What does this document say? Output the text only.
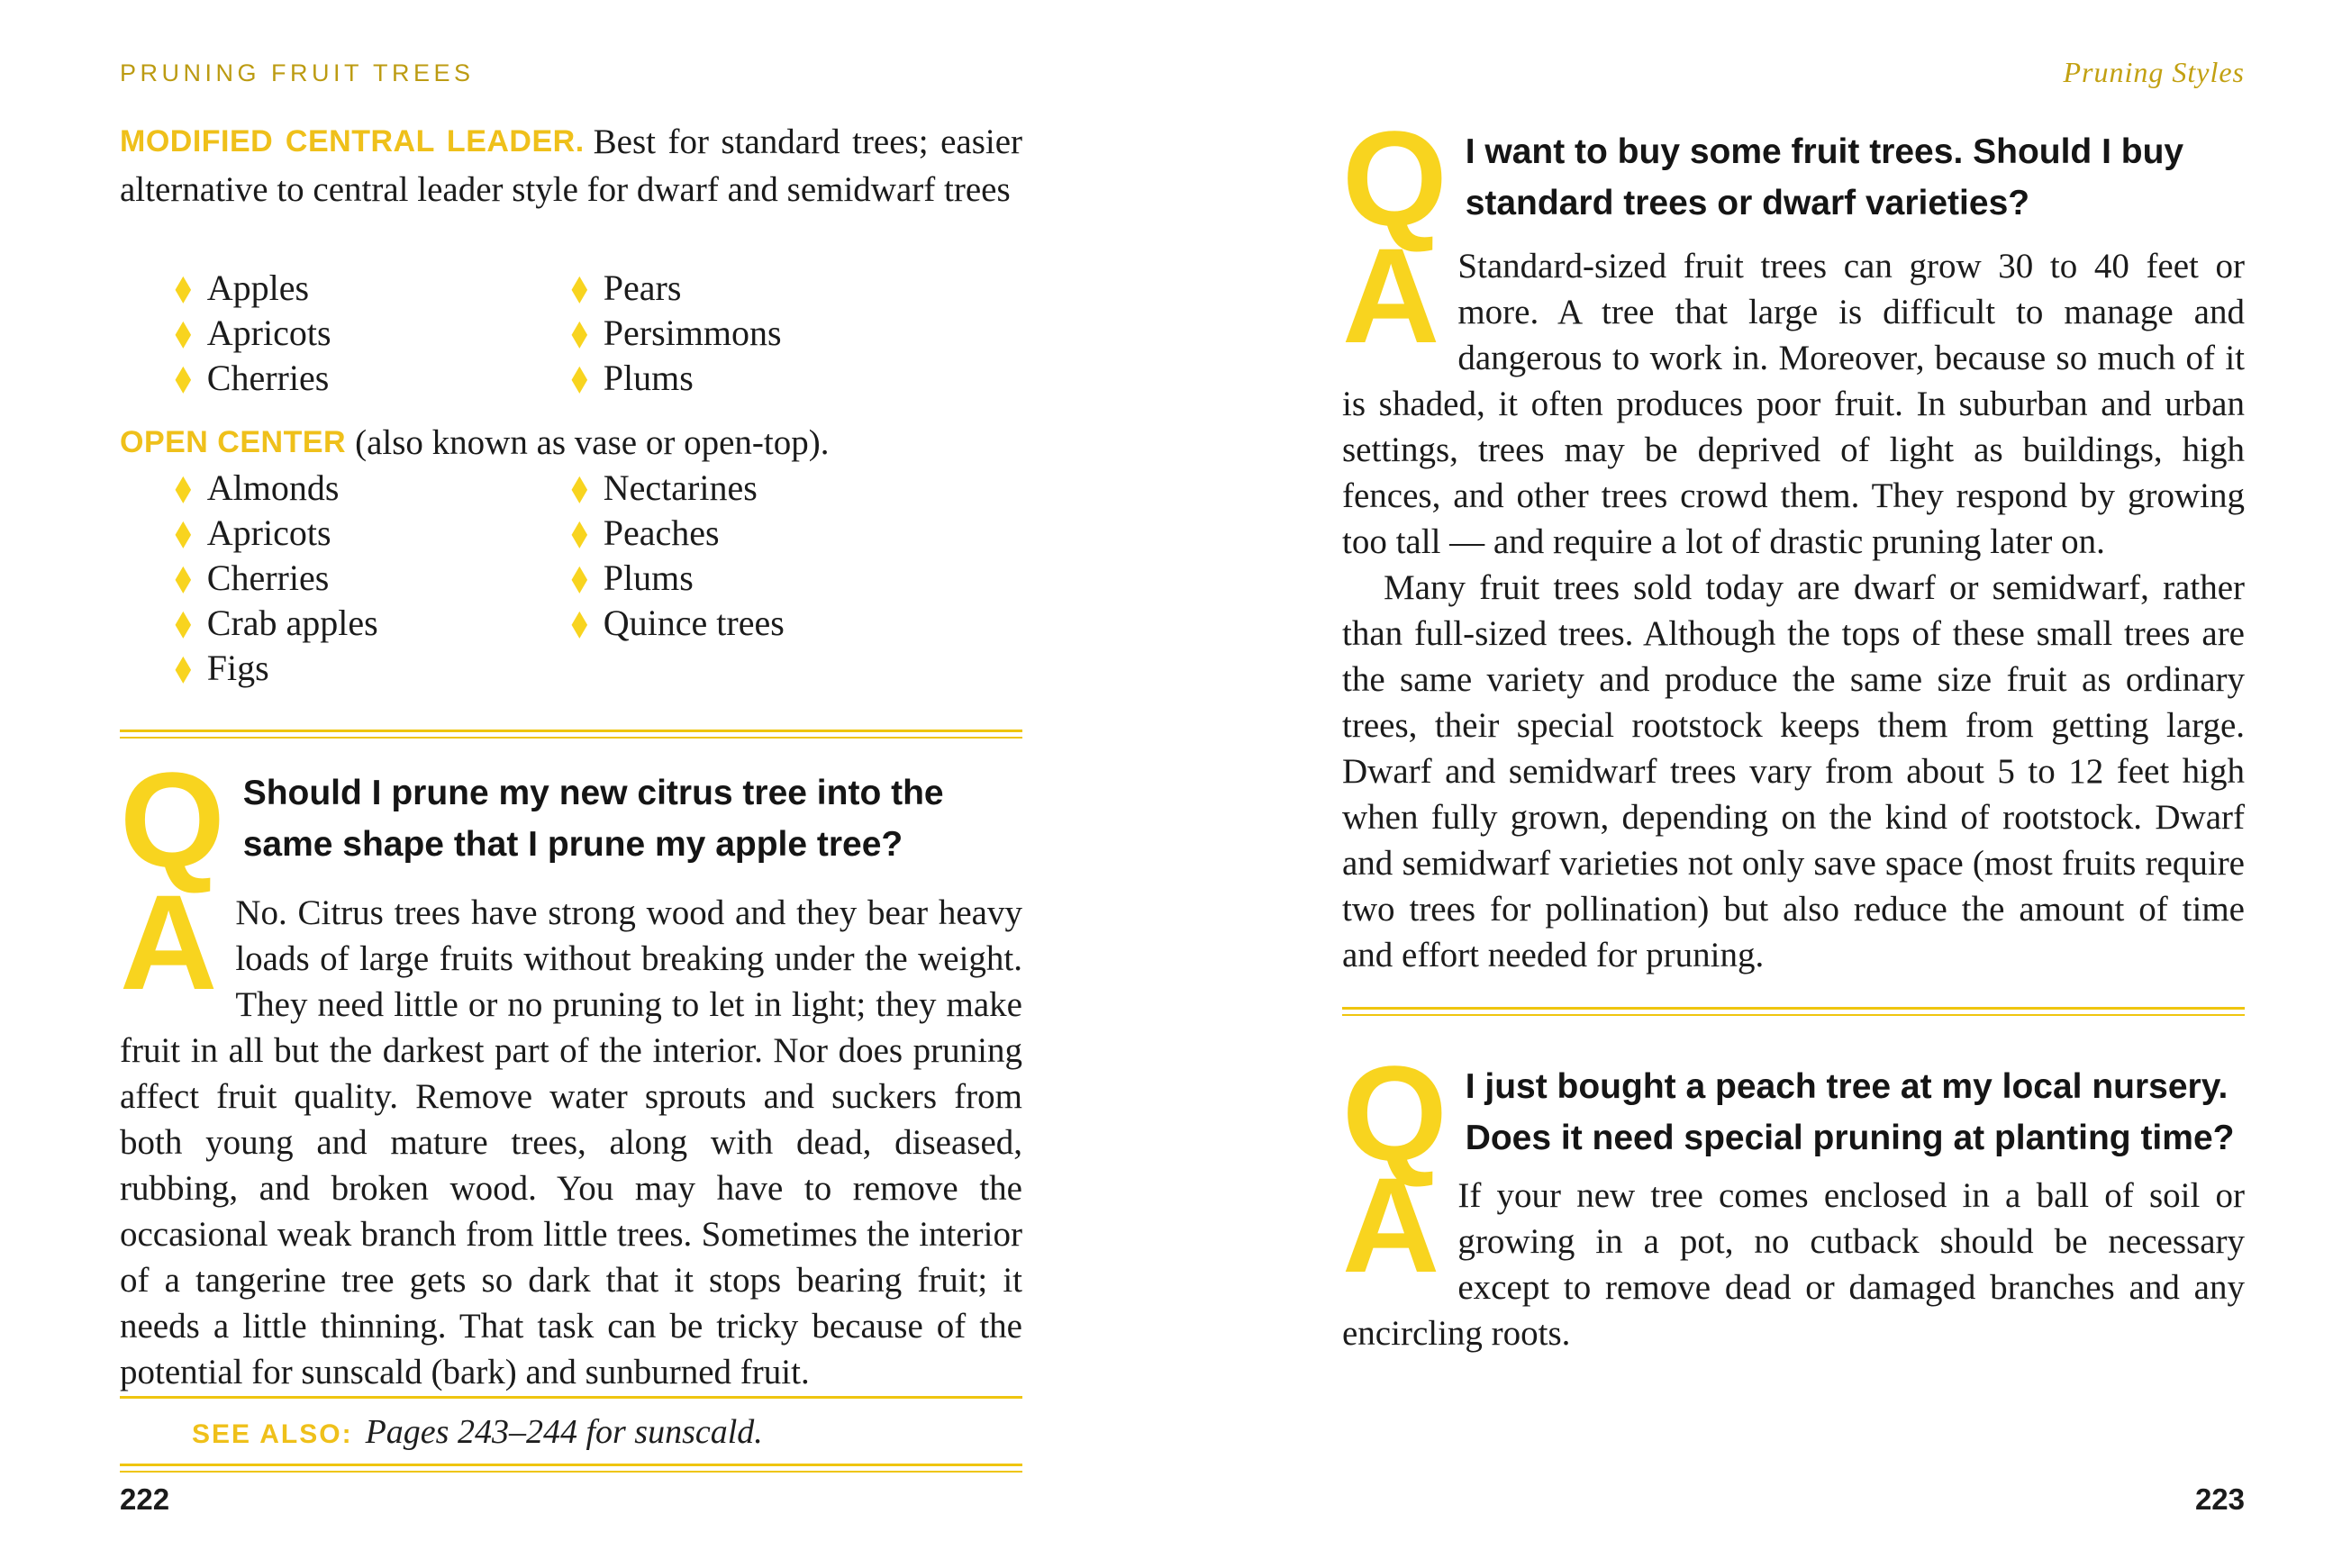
PRUNING FRUIT TREES

MODIFIED CENTRAL LEADER. Best for standard trees; easier alternative to central leader style for dwarf and semidwarf trees

◆ Apples
◆ Apricots
◆ Cherries
◆ Pears
◆ Persimmons
◆ Plums

OPEN CENTER (also known as vase or open-top).

◆ Almonds
◆ Apricots
◆ Cherries
◆ Crab apples
◆ Figs
◆ Nectarines
◆ Peaches
◆ Plums
◆ Quince trees
Q Should I prune my new citrus tree into the same shape that I prune my apple tree?

A No. Citrus trees have strong wood and they bear heavy loads of large fruits without breaking under the weight. They need little or no pruning to let in light; they make fruit in all but the darkest part of the interior. Nor does pruning affect fruit quality. Remove water sprouts and suckers from both young and mature trees, along with dead, diseased, rubbing, and broken wood. You may have to remove the occasional weak branch from little trees. Sometimes the interior of a tangerine tree gets so dark that it stops bearing fruit; it needs a little thinning. That task can be tricky because of the potential for sunscald (bark) and sunburned fruit.

SEE ALSO: Pages 243–244 for sunscald.
222
Pruning Styles
Q I want to buy some fruit trees. Should I buy standard trees or dwarf varieties?

A Standard-sized fruit trees can grow 30 to 40 feet or more. A tree that large is difficult to manage and dangerous to work in. Moreover, because so much of it is shaded, it often produces poor fruit. In suburban and urban settings, trees may be deprived of light as buildings, high fences, and other trees crowd them. They respond by growing too tall — and require a lot of drastic pruning later on.

Many fruit trees sold today are dwarf or semidwarf, rather than full-sized trees. Although the tops of these small trees are the same variety and produce the same size fruit as ordinary trees, their special rootstock keeps them from getting large. Dwarf and semidwarf trees vary from about 5 to 12 feet high when fully grown, depending on the kind of rootstock. Dwarf and semidwarf varieties not only save space (most fruits require two trees for pollination) but also reduce the amount of time and effort needed for pruning.

Q I just bought a peach tree at my local nursery. Does it need special pruning at planting time?

A If your new tree comes enclosed in a ball of soil or growing in a pot, no cutback should be necessary except to remove dead or damaged branches and any encircling roots.

223
